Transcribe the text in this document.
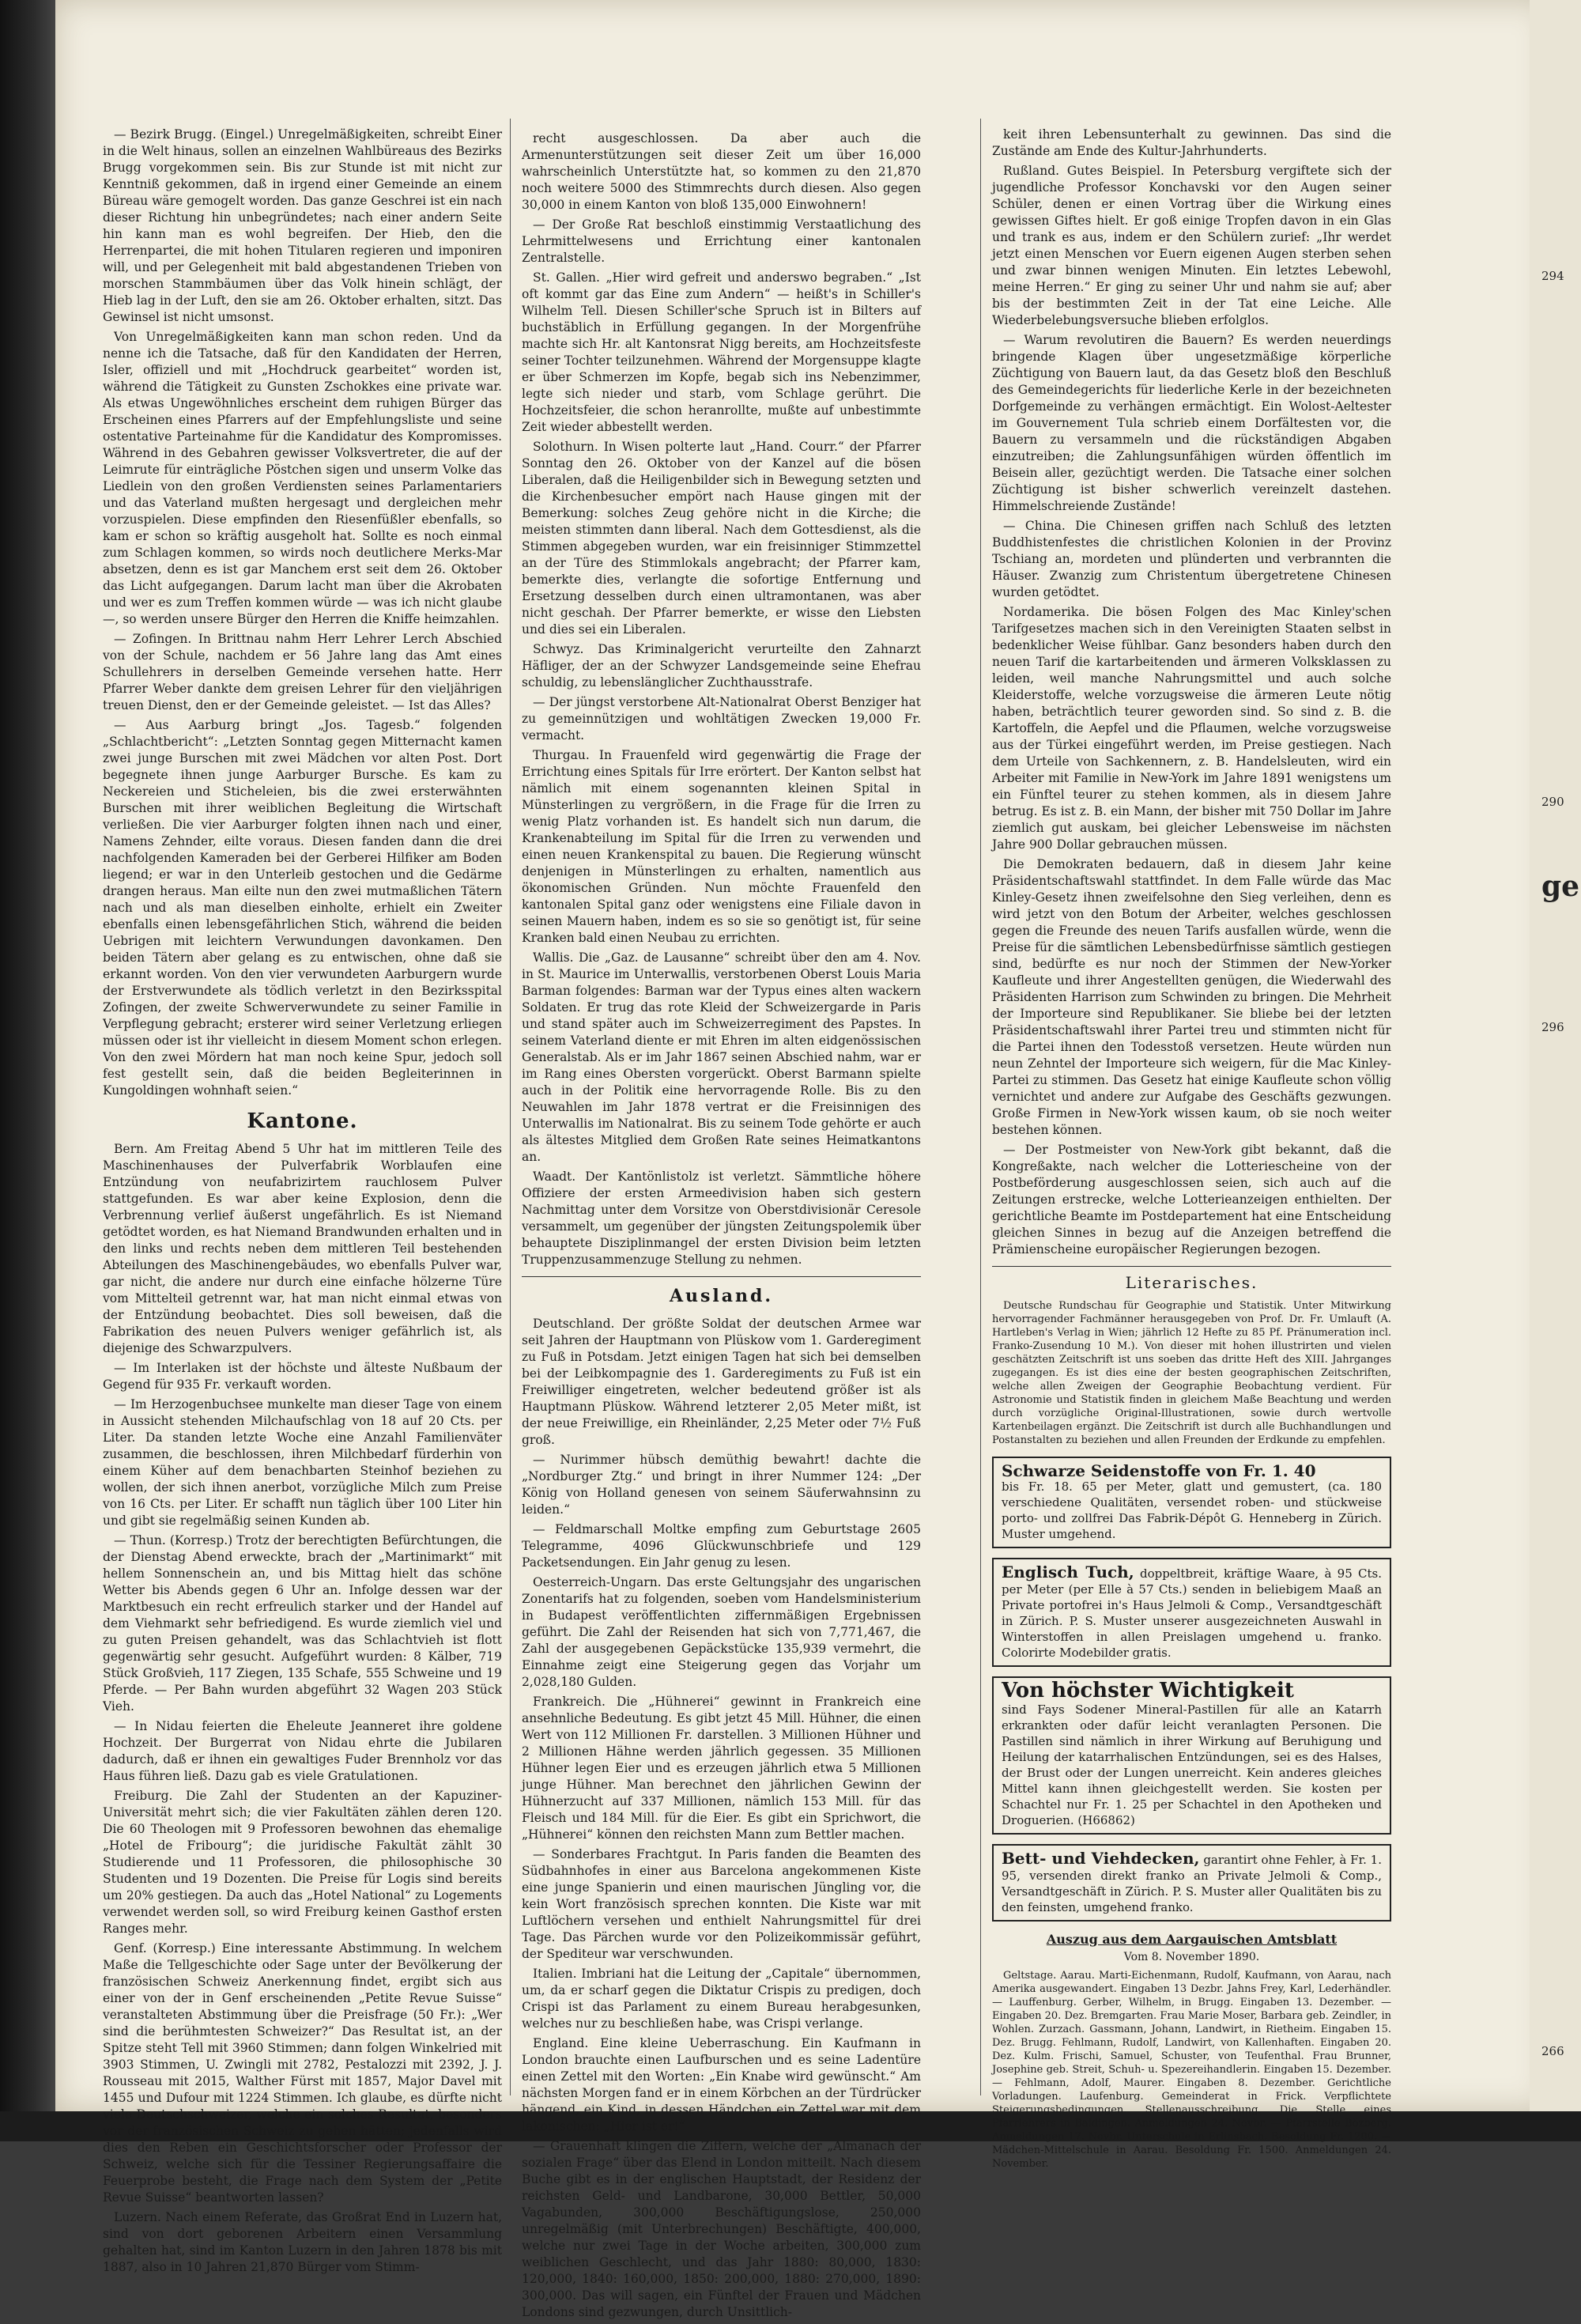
— Bezirk Brugg. (Eingel.) Unregelmäßigkeiten, schreibt Einer in die Welt hinaus, sollen an einzelnen Wahlbüreaus des Bezirks Brugg vorgekommen sein. Bis zur Stunde ist mit nicht zur Kenntniß gekommen, daß in irgend einer Gemeinde an einem Büreau wäre gemogelt worden. Das ganze Geschrei ist ein nach dieser Richtung hin unbegründetes; nach einer andern Seite hin kann man es wohl begreifen. Der Hieb, den die Herrenpartei, die mit hohen Titularen regieren und imponiren will, und per Gelegenheit mit bald abgestandenen Trieben von morschen Stammbäumen über das Volk hinein schlägt, der Hieb lag in der Luft, den sie am 26. Oktober erhalten, sitzt. Das Gewinsel ist nicht umsonst.

Von Unregelmäßigkeiten kann man schon reden. Und da nenne ich die Tatsache, daß für den Kandidaten der Herren, Isler, offiziell und mit „Hochdruck gearbeitet“ worden ist, während die Tätigkeit zu Gunsten Zschokkes eine private war. Als etwas Ungewöhnliches erscheint dem ruhigen Bürger das Erscheinen eines Pfarrers auf der Empfehlungsliste und seine ostentative Parteinahme für die Kandidatur des Kompromisses. Während in des Gebahren gewisser Volksvertreter, die auf der Leimrute für einträgliche Pöstchen sigen und unserm Volke das Liedlein von den großen Verdiensten seines Parlamentariers und das Vaterland mußten hergesagt und dergleichen mehr vorzuspielen. Diese empfinden den Riesenfüßler ebenfalls, so kam er schon so kräftig ausgeholt hat. Sollte es noch einmal zum Schlagen kommen, so wirds noch deutlichere Merks-Mar absetzen, denn es ist gar Manchem erst seit dem 26. Oktober das Licht aufgegangen. Darum lacht man über die Akrobaten und wer es zum Treffen kommen würde — was ich nicht glaube —, so werden unsere Bürger den Herren die Kniffe heimzahlen.

— Zofingen. In Brittnau nahm Herr Lehrer Lerch Abschied von der Schule, nachdem er 56 Jahre lang das Amt eines Schullehrers in derselben Gemeinde versehen hatte. Herr Pfarrer Weber dankte dem greisen Lehrer für den vieljährigen treuen Dienst, den er der Gemeinde geleistet. — Ist das Alles?

— Aus Aarburg bringt „Jos. Tagesb.“ folgenden „Schlachtbericht“: „Letzten Sonntag gegen Mitternacht kamen zwei junge Burschen mit zwei Mädchen vor alten Post. Dort begegnete ihnen junge Aarburger Bursche. Es kam zu Neckereien und Sticheleien, bis die zwei ersterwähnten Burschen mit ihrer weiblichen Begleitung die Wirtschaft verließen. Die vier Aarburger folgten ihnen nach und einer, Namens Zehnder, eilte voraus. Diesen fanden dann die drei nachfolgenden Kameraden bei der Gerberei Hilfiker am Boden liegend; er war in den Unterleib gestochen und die Gedärme drangen heraus. Man eilte nun den zwei mutmaßlichen Tätern nach und als man dieselben einholte, erhielt ein Zweiter ebenfalls einen lebensgefährlichen Stich, während die beiden Uebrigen mit leichtern Verwundungen davonkamen. Den beiden Tätern aber gelang es zu entwischen, ohne daß sie erkannt worden. Von den vier verwundeten Aarburgern wurde der Erstverwundete als tödlich verletzt in den Bezirksspital Zofingen, der zweite Schwerverwundete zu seiner Familie in Verpflegung gebracht; ersterer wird seiner Verletzung erliegen müssen oder ist ihr vielleicht in diesem Moment schon erlegen. Von den zwei Mördern hat man noch keine Spur, jedoch soll fest gestellt sein, daß die beiden Begleiterinnen in Kungoldingen wohnhaft seien.“

Kantone.

Bern. Am Freitag Abend 5 Uhr hat im mittleren Teile des Maschinenhauses der Pulverfabrik Worblaufen eine Entzündung von neufabrizirtem rauchlosem Pulver stattgefunden. Es war aber keine Explosion, denn die Verbrennung verlief äußerst ungefährlich. Es ist Niemand getödtet worden, es hat Niemand Brandwunden erhalten und in den links und rechts neben dem mittleren Teil bestehenden Abteilungen des Maschinengebäudes, wo ebenfalls Pulver war, gar nicht, die andere nur durch eine einfache hölzerne Türe vom Mittelteil getrennt war, hat man nicht einmal etwas von der Entzündung beobachtet. Dies soll beweisen, daß die Fabrikation des neuen Pulvers weniger gefährlich ist, als diejenige des Schwarzpulvers.

— Im Interlaken ist der höchste und älteste Nußbaum der Gegend für 935 Fr. verkauft worden.

— Im Herzogenbuchsee munkelte man dieser Tage von einem in Aussicht stehenden Milchaufschlag von 18 auf 20 Cts. per Liter. Da standen letzte Woche eine Anzahl Familienväter zusammen, die beschlossen, ihren Milchbedarf fürderhin von einem Küher auf dem benachbarten Steinhof beziehen zu wollen, der sich ihnen anerbot, vorzügliche Milch zum Preise von 16 Cts. per Liter. Er schafft nun täglich über 100 Liter hin und gibt sie regelmäßig seinen Kunden ab.

— Thun. (Korresp.) Trotz der berechtigten Befürchtungen, die der Dienstag Abend erweckte, brach der „Martinimarkt“ mit hellem Sonnenschein an, und bis Mittag hielt das schöne Wetter bis Abends gegen 6 Uhr an. Infolge dessen war der Marktbesuch ein recht erfreulich starker und der Handel auf dem Viehmarkt sehr befriedigend. Es wurde ziemlich viel und zu guten Preisen gehandelt, was das Schlachtvieh ist flott gegenwärtig sehr gesucht. Aufgeführt wurden: 8 Kälber, 719 Stück Großvieh, 117 Ziegen, 135 Schafe, 555 Schweine und 19 Pferde. — Per Bahn wurden abgeführt 32 Wagen 203 Stück Vieh.

— In Nidau feierten die Eheleute Jeanneret ihre goldene Hochzeit. Der Burgerrat von Nidau ehrte die Jubilaren dadurch, daß er ihnen ein gewaltiges Fuder Brennholz vor das Haus führen ließ. Dazu gab es viele Gratulationen.

Freiburg. Die Zahl der Studenten an der Kapuziner-Universität mehrt sich; die vier Fakultäten zählen deren 120. Die 60 Theologen mit 9 Professoren bewohnen das ehemalige „Hotel de Fribourg“; die juridische Fakultät zählt 30 Studierende und 11 Professoren, die philosophische 30 Studenten und 19 Dozenten. Die Preise für Logis sind bereits um 20% gestiegen. Da auch das „Hotel National“ zu Logements verwendet werden soll, so wird Freiburg keinen Gasthof ersten Ranges mehr.

Genf. (Korresp.) Eine interessante Abstimmung. In welchem Maße die Tellgeschichte oder Sage unter der Bevölkerung der französischen Schweiz Anerkennung findet, ergibt sich aus einer von der in Genf erscheinenden „Petite Revue Suisse“ veranstalteten Abstimmung über die Preisfrage (50 Fr.): „Wer sind die berühmtesten Schweizer?“ Das Resultat ist, an der Spitze steht Tell mit 3960 Stimmen; dann folgen Winkelried mit 3903 Stimmen, U. Zwingli mit 2782, Pestalozzi mit 2392, J. J. Rousseau mit 2015, Walther Fürst mit 1857, Major Davel mit 1455 und Dufour mit 1224 Stimmen. Ich glaube, es dürfte nicht viele Deutschschweizer, welche ein solches Resultat, besonders vor der französischen Schweiz zu gehen hätten; jedenfalls wird dies den Reben ein Geschichtsforscher oder Professor der Schweiz, welche sich für die Tessiner Regierungsaffaire die Feuerprobe besteht, die Frage nach dem System der „Petite Revue Suisse“ beantworten lassen?

Luzern. Nach einem Referate, das Großrat End in Luzern hat, sind von dort geborenen Arbeitern einen Versammlung gehalten hat, sind im Kanton Luzern in den Jahren 1878 bis mit 1887, also in 10 Jahren 21,870 Bürger vom Stimm-

recht ausgeschlossen. Da aber auch die Armenunterstützungen seit dieser Zeit um über 16,000 wahrscheinlich Unterstützte hat, so kommen zu den 21,870 noch weitere 5000 des Stimmrechts durch diesen. Also gegen 30,000 in einem Kanton von bloß 135,000 Einwohnern!

— Der Große Rat beschloß einstimmig Verstaatlichung des Lehrmittelwesens und Errichtung einer kantonalen Zentralstelle.

St. Gallen. „Hier wird gefreit und anderswo begraben.“ „Ist oft kommt gar das Eine zum Andern“ — heißt's in Schiller's Wilhelm Tell. Diesen Schiller'sche Spruch ist in Bilters auf buchstäblich in Erfüllung gegangen. In der Morgenfrühe machte sich Hr. alt Kantonsrat Nigg bereits, am Hochzeitsfeste seiner Tochter teilzunehmen. Während der Morgensuppe klagte er über Schmerzen im Kopfe, begab sich ins Nebenzimmer, legte sich nieder und starb, vom Schlage gerührt. Die Hochzeitsfeier, die schon heranrollte, mußte auf unbestimmte Zeit wieder abbestellt werden.

Solothurn. In Wisen polterte laut „Hand. Courr.“ der Pfarrer Sonntag den 26. Oktober von der Kanzel auf die bösen Liberalen, daß die Heiligenbilder sich in Bewegung setzten und die Kirchenbesucher empört nach Hause gingen mit der Bemerkung: solches Zeug gehöre nicht in die Kirche; die meisten stimmten dann liberal. Nach dem Gottesdienst, als die Stimmen abgegeben wurden, war ein freisinniger Stimmzettel an der Türe des Stimmlokals angebracht; der Pfarrer kam, bemerkte dies, verlangte die sofortige Entfernung und Ersetzung desselben durch einen ultramontanen, was aber nicht geschah. Der Pfarrer bemerkte, er wisse den Liebsten und dies sei ein Liberalen.

Schwyz. Das Kriminalgericht verurteilte den Zahnarzt Häfliger, der an der Schwyzer Landsgemeinde seine Ehefrau schuldig, zu lebenslänglicher Zuchthausstrafe.

— Der jüngst verstorbene Alt-Nationalrat Oberst Benziger hat zu gemeinnützigen und wohltätigen Zwecken 19,000 Fr. vermacht.

Thurgau. In Frauenfeld wird gegenwärtig die Frage der Errichtung eines Spitals für Irre erörtert. Der Kanton selbst hat nämlich mit einem sogenannten kleinen Spital in Münsterlingen zu vergrößern, in die Frage für die Irren zu wenig Platz vorhanden ist. Es handelt sich nun darum, die Krankenabteilung im Spital für die Irren zu verwenden und einen neuen Krankenspital zu bauen. Die Regierung wünscht denjenigen in Münsterlingen zu erhalten, namentlich aus ökonomischen Gründen. Nun möchte Frauenfeld den kantonalen Spital ganz oder wenigstens eine Filiale davon in seinen Mauern haben, indem es so sie so genötigt ist, für seine Kranken bald einen Neubau zu errichten.

Wallis. Die „Gaz. de Lausanne“ schreibt über den am 4. Nov. in St. Maurice im Unterwallis, verstorbenen Oberst Louis Maria Barman folgendes: Barman war der Typus eines alten wackern Soldaten. Er trug das rote Kleid der Schweizergarde in Paris und stand später auch im Schweizerregiment des Papstes. In seinem Vaterland diente er mit Ehren im alten eidgenössischen Generalstab. Als er im Jahr 1867 seinen Abschied nahm, war er im Rang eines Obersten vorgerückt. Oberst Barmann spielte auch in der Politik eine hervorragende Rolle. Bis zu den Neuwahlen im Jahr 1878 vertrat er die Freisinnigen des Unterwallis im Nationalrat. Bis zu seinem Tode gehörte er auch als ältestes Mitglied dem Großen Rate seines Heimatkantons an.

Waadt. Der Kantönlistolz ist verletzt. Sämmtliche höhere Offiziere der ersten Armeedivision haben sich gestern Nachmittag unter dem Vorsitze von Oberstdivisionär Ceresole versammelt, um gegenüber der jüngsten Zeitungspolemik über behauptete Disziplinmangel der ersten Division beim letzten Truppenzusammenzuge Stellung zu nehmen.

Ausland.

Deutschland. Der größte Soldat der deutschen Armee war seit Jahren der Hauptmann von Plüskow vom 1. Garderegiment zu Fuß in Potsdam. Jetzt einigen Tagen hat sich bei demselben bei der Leibkompagnie des 1. Garderegiments zu Fuß ist ein Freiwilliger eingetreten, welcher bedeutend größer ist als Hauptmann Plüskow. Während letzterer 2,05 Meter mißt, ist der neue Freiwillige, ein Rheinländer, 2,25 Meter oder 7½ Fuß groß.

— Nurimmer hübsch demüthig bewahrt! dachte die „Nordburger Ztg.“ und bringt in ihrer Nummer 124: „Der König von Holland genesen von seinem Säuferwahnsinn zu leiden.“

— Feldmarschall Moltke empfing zum Geburtstage 2605 Telegramme, 4096 Glückwunschbriefe und 129 Packetsendungen. Ein Jahr genug zu lesen.

Oesterreich-Ungarn. Das erste Geltungsjahr des ungarischen Zonentarifs hat zu folgenden, soeben vom Handelsministerium in Budapest veröffentlichten ziffernmäßigen Ergebnissen geführt. Die Zahl der Reisenden hat sich von 7,771,467, die Zahl der ausgegebenen Gepäckstücke 135,939 vermehrt, die Einnahme zeigt eine Steigerung gegen das Vorjahr um 2,028,180 Gulden.

Frankreich. Die „Hühnerei“ gewinnt in Frankreich eine ansehnliche Bedeutung. Es gibt jetzt 45 Mill. Hühner, die einen Wert von 112 Millionen Fr. darstellen. 3 Millionen Hühner und 2 Millionen Hähne werden jährlich gegessen. 35 Millionen Hühner legen Eier und es erzeugen jährlich etwa 5 Millionen junge Hühner. Man berechnet den jährlichen Gewinn der Hühnerzucht auf 337 Millionen, nämlich 153 Mill. für das Fleisch und 184 Mill. für die Eier. Es gibt ein Sprichwort, die „Hühnerei“ können den reichsten Mann zum Bettler machen.

— Sonderbares Frachtgut. In Paris fanden die Beamten des Südbahnhofes in einer aus Barcelona angekommenen Kiste eine junge Spanierin und einen maurischen Jüngling vor, die kein Wort französisch sprechen konnten. Die Kiste war mit Luftlöchern versehen und enthielt Nahrungsmittel für drei Tage. Das Pärchen wurde vor den Polizeikommissär geführt, der Spediteur war verschwunden.

Italien. Imbriani hat die Leitung der „Capitale“ übernommen, um, da er scharf gegen die Diktatur Crispis zu predigen, doch Crispi ist das Parlament zu einem Bureau herabgesunken, welches nur zu beschließen habe, was Crispi verlange.

England. Eine kleine Ueberraschung. Ein Kaufmann in London brauchte einen Laufburschen und es seine Ladentüre einen Zettel mit den Worten: „Ein Knabe wird gewünscht.“ Am nächsten Morgen fand er in einem Körbchen an der Türdrücker hängend, ein Kind, in dessen Händchen ein Zettel war mit dem lakonischen: „Hier ist er!“

— Grauenhaft klingen die Ziffern, welche der „Almanach der sozialen Frage“ über das Elend in London mitteilt. Nach diesem Buche gibt es in der englischen Hauptstadt, der Residenz der reichsten Geld- und Landbarone, 30,000 Bettler, 50,000 Vagabunden, 300,000 Beschäftigungslose, 250,000 unregelmäßig (mit Unterbrechungen) Beschäftigte, 400,000, welche nur zwei Tage in der Woche arbeiten, 300,000 zum weiblichen Geschlecht, und das Jahr 1880: 80,000, 1830: 120,000, 1840: 160,000, 1850: 200,000, 1880: 270,000, 1890: 300,000. Das will sagen, ein Fünftel der Frauen und Mädchen Londons sind gezwungen, durch Unsittlich-

keit ihren Lebensunterhalt zu gewinnen. Das sind die Zustände am Ende des Kultur-Jahrhunderts.

Rußland. Gutes Beispiel. In Petersburg vergiftete sich der jugendliche Professor Konchavski vor den Augen seiner Schüler, denen er einen Vortrag über die Wirkung eines gewissen Giftes hielt. Er goß einige Tropfen davon in ein Glas und trank es aus, indem er den Schülern zurief: „Ihr werdet jetzt einen Menschen vor Euern eigenen Augen sterben sehen und zwar binnen wenigen Minuten. Ein letztes Lebewohl, meine Herren.“ Er ging zu seiner Uhr und nahm sie auf; aber bis der bestimmten Zeit in der Tat eine Leiche. Alle Wiederbelebungsversuche blieben erfolglos.

— Warum revolutiren die Bauern? Es werden neuerdings bringende Klagen über ungesetzmäßige körperliche Züchtigung von Bauern laut, da das Gesetz bloß den Beschluß des Gemeindegerichts für liederliche Kerle in der bezeichneten Dorfgemeinde zu verhängen ermächtigt. Ein Wolost-Aeltester im Gouvernement Tula schrieb einem Dorfältesten vor, die Bauern zu versammeln und die rückständigen Abgaben einzutreiben; die Zahlungsunfähigen würden öffentlich im Beisein aller, gezüchtigt werden. Die Tatsache einer solchen Züchtigung ist bisher schwerlich vereinzelt dastehen. Himmelschreiende Zustände!

— China. Die Chinesen griffen nach Schluß des letzten Buddhistenfestes die christlichen Kolonien in der Provinz Tschiang an, mordeten und plünderten und verbrannten die Häuser. Zwanzig zum Christentum übergetretene Chinesen wurden getödtet.

Nordamerika. Die bösen Folgen des Mac Kinley'schen Tarifgesetzes machen sich in den Vereinigten Staaten selbst in bedenklicher Weise fühlbar. Ganz besonders haben durch den neuen Tarif die kartarbeitenden und ärmeren Volksklassen zu leiden, weil manche Nahrungsmittel und auch solche Kleiderstoffe, welche vorzugsweise die ärmeren Leute nötig haben, beträchtlich teurer geworden sind. So sind z. B. die Kartoffeln, die Aepfel und die Pflaumen, welche vorzugsweise aus der Türkei eingeführt werden, im Preise gestiegen. Nach dem Urteile von Sachkennern, z. B. Handelsleuten, wird ein Arbeiter mit Familie in New-York im Jahre 1891 wenigstens um ein Fünftel teurer zu stehen kommen, als in diesem Jahre betrug. Es ist z. B. ein Mann, der bisher mit 750 Dollar im Jahre ziemlich gut auskam, bei gleicher Lebensweise im nächsten Jahre 900 Dollar gebrauchen müssen.

Die Demokraten bedauern, daß in diesem Jahr keine Präsidentschaftswahl stattfindet. In dem Falle würde das Mac Kinley-Gesetz ihnen zweifelsohne den Sieg verleihen, denn es wird jetzt von den Botum der Arbeiter, welches geschlossen gegen die Freunde des neuen Tarifs ausfallen würde, wenn die Preise für die sämtlichen Lebensbedürfnisse sämtlich gestiegen sind, bedürfte es nur noch der Stimmen der New-Yorker Kaufleute und ihrer Angestellten genügen, die Wiederwahl des Präsidenten Harrison zum Schwinden zu bringen. Die Mehrheit der Importeure sind Republikaner. Sie bliebe bei der letzten Präsidentschaftswahl ihrer Partei treu und stimmten nicht für die Partei ihnen den Todesstoß versetzen. Heute würden nun neun Zehntel der Importeure sich weigern, für die Mac Kinley-Partei zu stimmen. Das Gesetz hat einige Kaufleute schon völlig vernichtet und andere zur Aufgabe des Geschäfts gezwungen. Große Firmen in New-York wissen kaum, ob sie noch weiter bestehen können.

— Der Postmeister von New-York gibt bekannt, daß die Kongreßakte, nach welcher die Lotteriescheine von der Postbeförderung ausgeschlossen seien, sich auch auf die Zeitungen erstrecke, welche Lotterieanzeigen enthielten. Der gerichtliche Beamte im Postdepartement hat eine Entscheidung gleichen Sinnes in bezug auf die Anzeigen betreffend die Prämienscheine europäischer Regierungen bezogen.

Literarisches.

Deutsche Rundschau für Geographie und Statistik. Unter Mitwirkung hervorragender Fachmänner herausgegeben von Prof. Dr. Fr. Umlauft (A. Hartleben's Verlag in Wien; jährlich 12 Hefte zu 85 Pf. Pränumeration incl. Franko-Zusendung 10 M.). Von dieser mit hohen illustrirten und vielen geschätzten Zeitschrift ist uns soeben das dritte Heft des XIII. Jahrganges zugegangen. Es ist dies eine der besten geographischen Zeitschriften, welche allen Zweigen der Geographie Beobachtung verdient. Für Astronomie und Statistik finden in gleichem Maße Beachtung und werden durch vorzügliche Original-Illustrationen, sowie durch wertvolle Kartenbeilagen ergänzt. Die Zeitschrift ist durch alle Buchhandlungen und Postanstalten zu beziehen und allen Freunden der Erdkunde zu empfehlen.

Schwarze Seidenstoffe von Fr. 1. 40
bis Fr. 18. 65 per Meter, glatt und gemustert, (ca. 180 verschiedene Qualitäten, versendet roben- und stückweise porto- und zollfrei Das Fabrik-Dépôt G. Henneberg in Zürich. Muster umgehend.
Englisch Tuch, doppeltbreit, kräftige Waare, à 95 Cts. per Meter (per Elle à 57 Cts.) senden in beliebigem Maaß an Private portofrei in's Haus Jelmoli & Comp., Versandtgeschäft in Zürich. P. S. Muster unserer ausgezeichneten Auswahl in Winterstoffen in allen Preislagen umgehend u. franko. Colorirte Modebilder gratis.
Von höchster Wichtigkeit
sind Fays Sodener Mineral-Pastillen für alle an Katarrh erkrankten oder dafür leicht veranlagten Personen. Die Pastillen sind nämlich in ihrer Wirkung auf Beruhigung und Heilung der katarrhalischen Entzündungen, sei es des Halses, der Brust oder der Lungen unerreicht. Kein anderes gleiches Mittel kann ihnen gleichgestellt werden. Sie kosten per Schachtel nur Fr. 1. 25 per Schachtel in den Apotheken und Droguerien. (H66862)
Bett- und Viehdecken, garantirt ohne Fehler, à Fr. 1. 95, versenden direkt franko an Private Jelmoli & Comp., Versandtgeschäft in Zürich. P. S. Muster aller Qualitäten bis zu den feinsten, umgehend franko.
Auszug aus dem Aargauischen Amtsblatt
Vom 8. November 1890.

Geltstage. Aarau. Marti-Eichenmann, Rudolf, Kaufmann, von Aarau, nach Amerika ausgewandert. Eingaben 13 Dezbr. Jahns Frey, Karl, Lederhändler. — Lauffenburg. Gerber, Wilhelm, in Brugg. Eingaben 13. Dezember. — Eingaben 20. Dez. Bremgarten. Frau Marie Moser, Barbara geb. Zeindler, in Wohlen. Zurzach. Gassmann, Johann, Landwirt, in Rietheim. Eingaben 15. Dez. Brugg. Fehlmann, Rudolf, Landwirt, von Kallenhaften. Eingaben 20. Dez. Kulm. Frischi, Samuel, Schuster, von Teufenthal. Frau Brunner, Josephine geb. Streit, Schuh- u. Spezereihandlerin. Eingaben 15. Dezember. — Fehlmann, Adolf, Maurer. Eingaben 8. Dezember. Gerichtliche Vorladungen. Laufenburg. Gemeinderat in Frick. Verpflichtete Steigerungsbedingungen. Stellenausschreibung. Die Stelle eines Pfarrlehrers in Baldingen. Anmeldungen 24. Novbr. — Pfarrstelle Bözberg. Anmeldungen 17. Novbr. Unterschule in Erlinsbach. Besoldung Fr. 1200. — Mädchen-Mittelschule in Aarau. Besoldung Fr. 1500. Anmeldungen 24. November.

294
290
296
ge
266
